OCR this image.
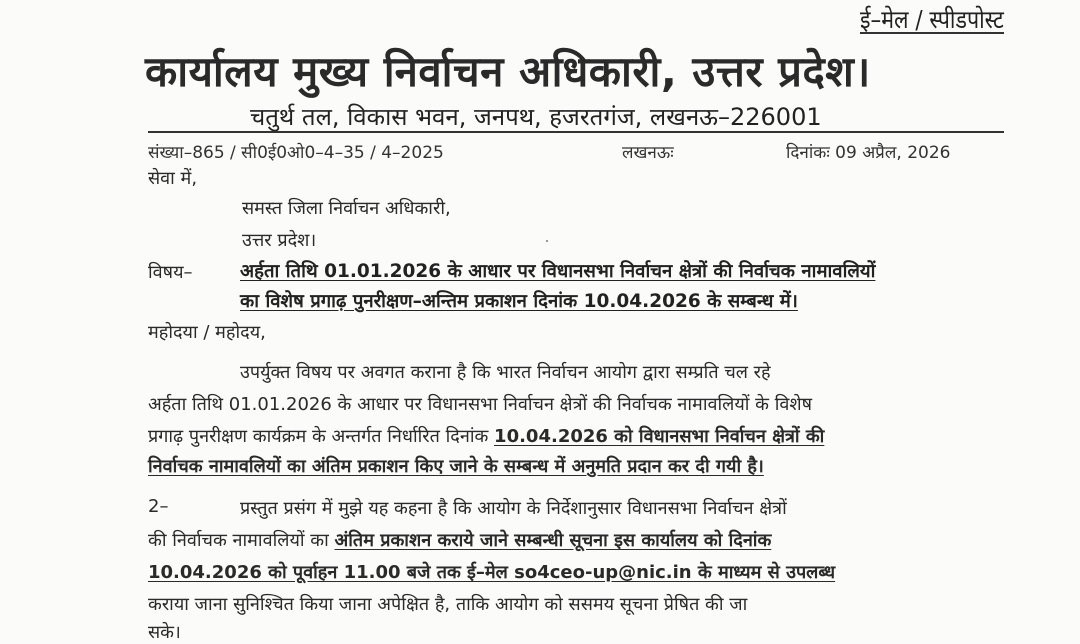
ई–मेल / स्पीडपोस्ट
कार्यालय मुख्य निर्वाचन अधिकारी, उत्तर प्रदेश।
चतुर्थ तल, विकास भवन, जनपथ, हजरतगंज, लखनऊ–226001
संख्या–865 / सी0ई0ओ0–4–35 / 4–2025	लखनऊः	दिनांकः 09 अप्रैल, 2026
सेवा में,
समस्त जिला निर्वाचन अधिकारी,
उत्तर प्रदेश।
विषय–	अर्हता तिथि 01.01.2026 के आधार पर विधानसभा निर्वाचन क्षेत्रों की निर्वाचक नामावलियों
का विशेष प्रगाढ़ पुनरीक्षण–अन्तिम प्रकाशन दिनांक 10.04.2026 के सम्बन्ध में।
महोदया / महोदय,
उपर्युक्त विषय पर अवगत कराना है कि भारत निर्वाचन आयोग द्वारा सम्प्रति चल रहे
अर्हता तिथि 01.01.2026 के आधार पर विधानसभा निर्वाचन क्षेत्रों की निर्वाचक नामावलियों के विशेष
प्रगाढ़ पुनरीक्षण कार्यक्रम के अन्तर्गत निर्धारित दिनांक 10.04.2026 को विधानसभा निर्वाचन क्षेत्रों की
निर्वाचक नामावलियों का अंतिम प्रकाशन किए जाने के सम्बन्ध में अनुमति प्रदान कर दी गयी है।
2–	प्रस्तुत प्रसंग में मुझे यह कहना है कि आयोग के निर्देशानुसार विधानसभा निर्वाचन क्षेत्रों
की निर्वाचक नामावलियों का अंतिम प्रकाशन कराये जाने सम्बन्धी सूचना इस कार्यालय को दिनांक
10.04.2026 को पूर्वाहन 11.00 बजे तक ई–मेल so4ceo-up@nic.in के माध्यम से उपलब्ध
कराया जाना सुनिश्चित किया जाना अपेक्षित है, ताकि आयोग को ससमय सूचना प्रेषित की जा
सके।
